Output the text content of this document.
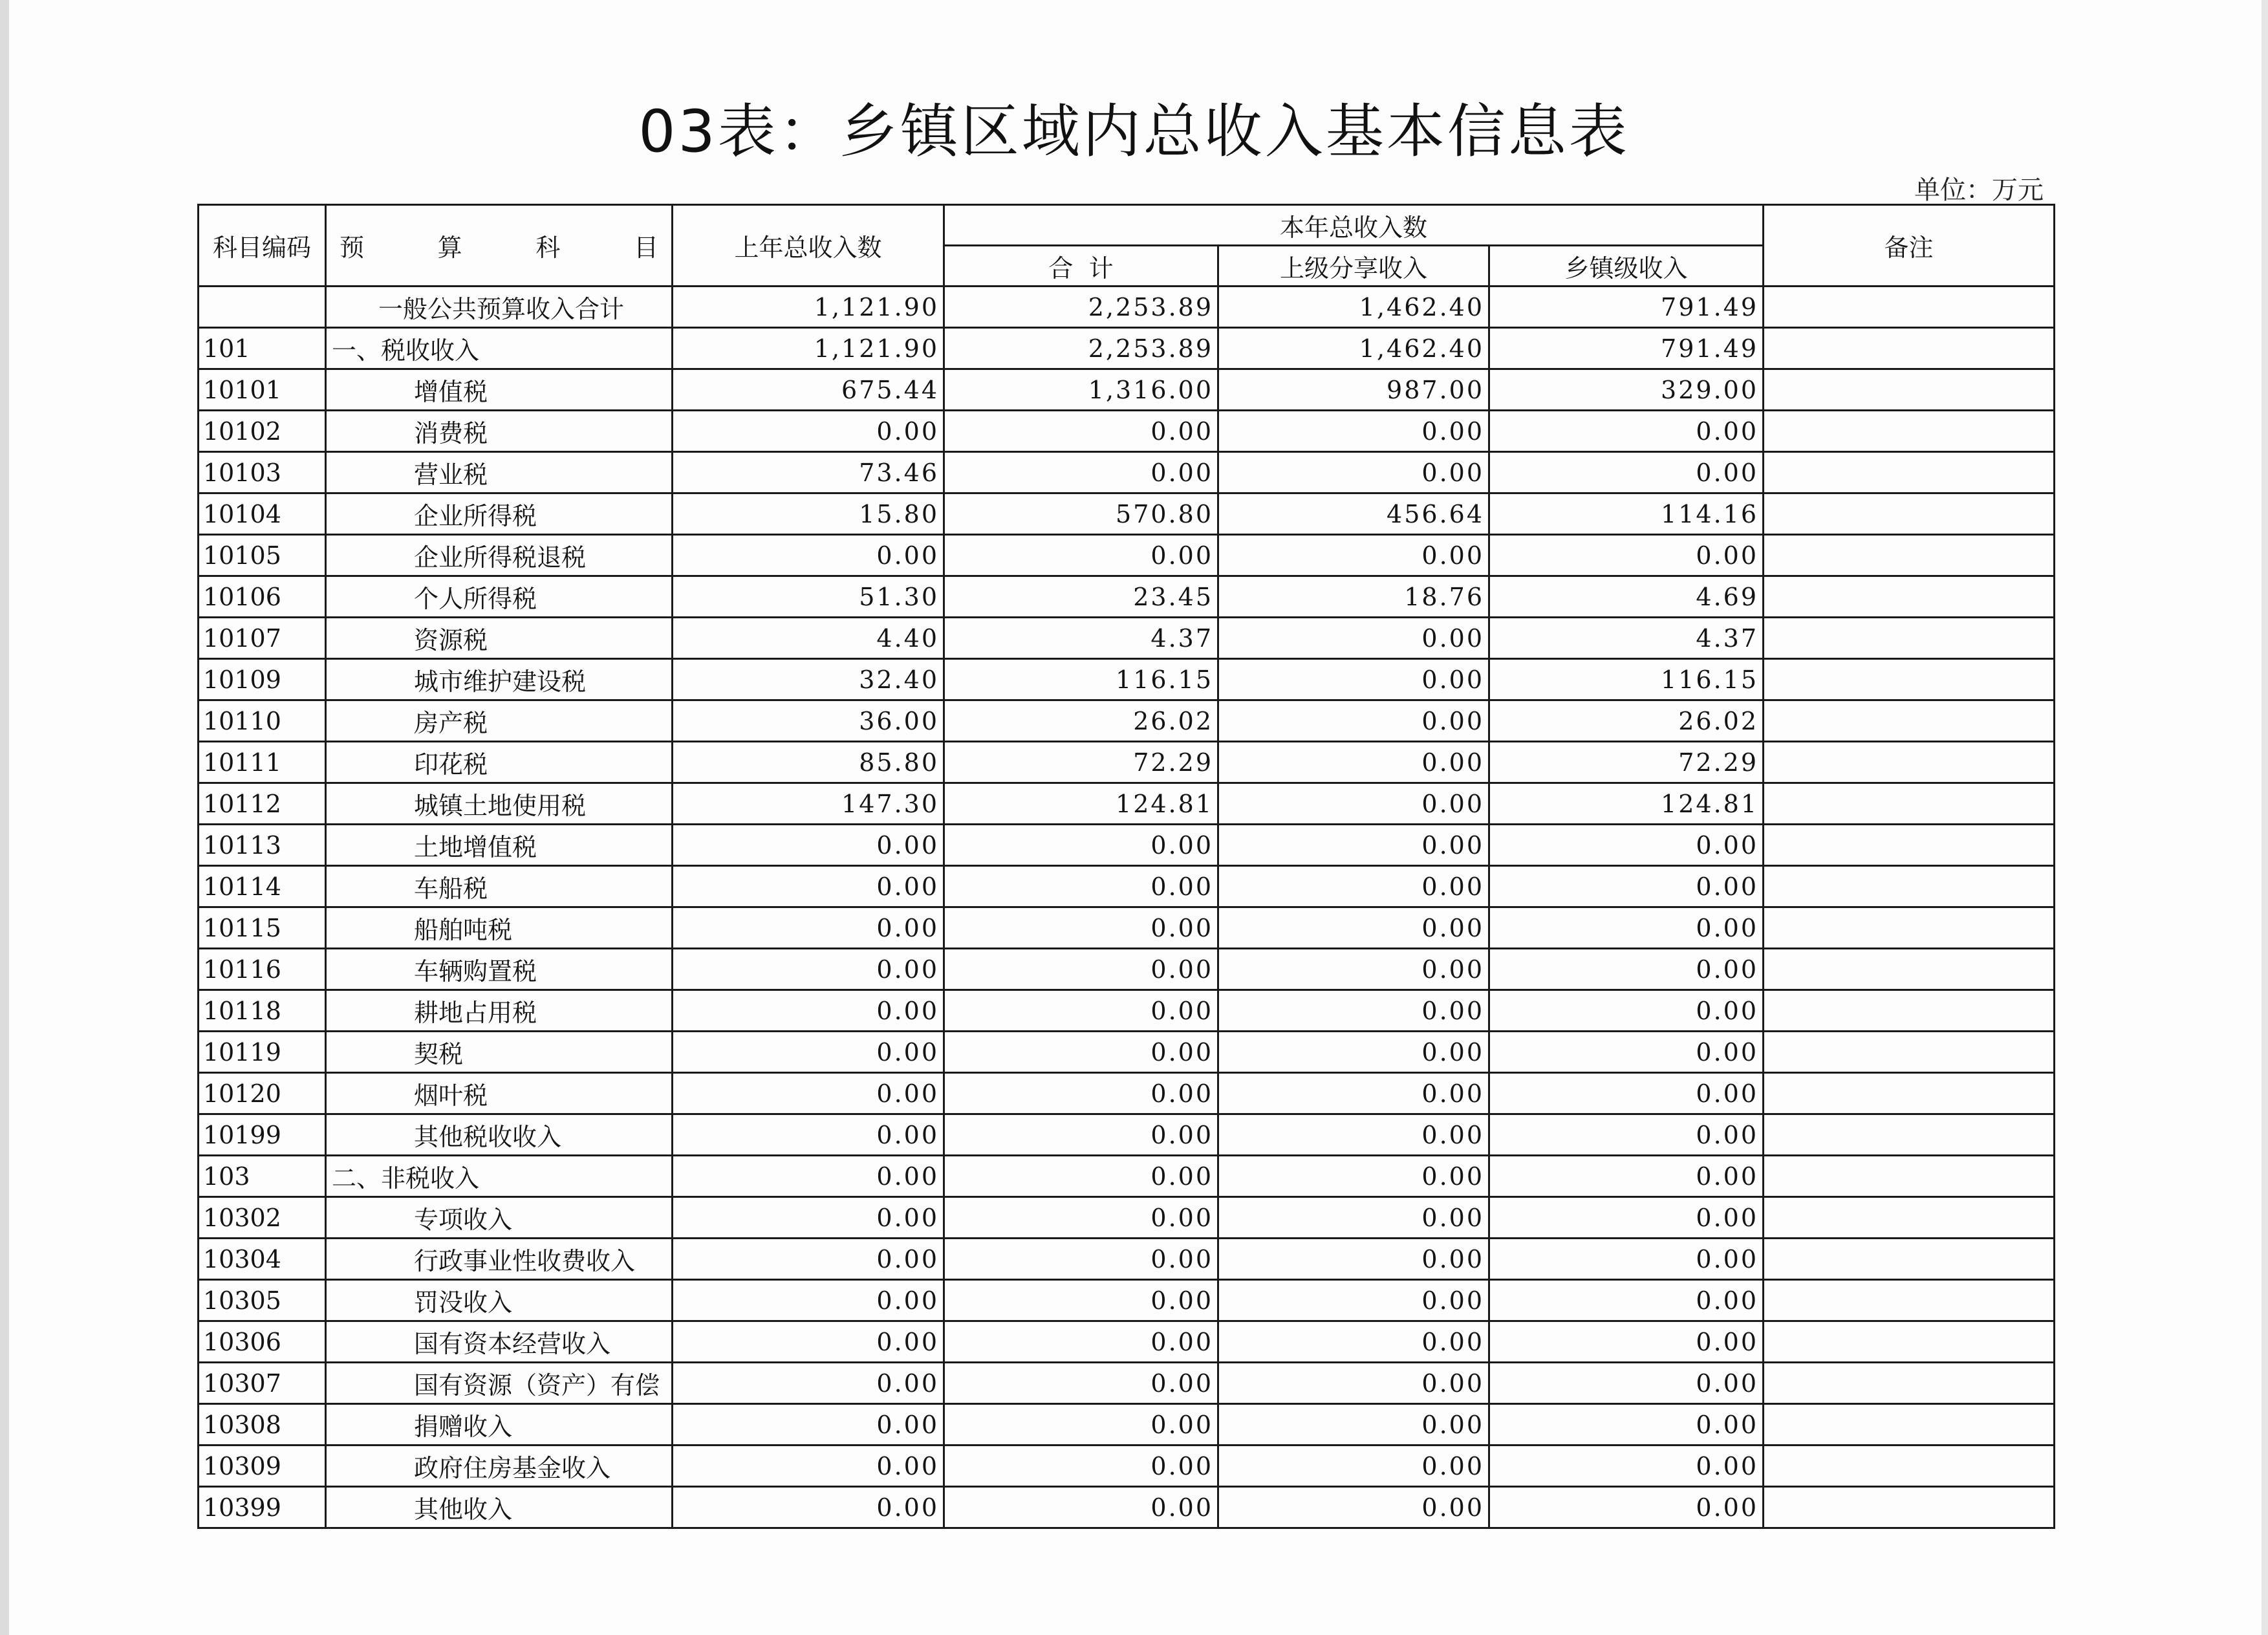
03表：乡镇区域内总收入基本信息表
单位：万元
科目编码	预 算 科 目	上年总收入数	本年总收入数			备注
			合  计	上级分享收入	乡镇级收入	
	一般公共预算收入合计	1,121.90	2,253.89	1,462.40	791.49	
101	一、税收收入	1,121.90	2,253.89	1,462.40	791.49	
10101	增值税	675.44	1,316.00	987.00	329.00	
10102	消费税	0.00	0.00	0.00	0.00	
10103	营业税	73.46	0.00	0.00	0.00	
10104	企业所得税	15.80	570.80	456.64	114.16	
10105	企业所得税退税	0.00	0.00	0.00	0.00	
10106	个人所得税	51.30	23.45	18.76	4.69	
10107	资源税	4.40	4.37	0.00	4.37	
10109	城市维护建设税	32.40	116.15	0.00	116.15	
10110	房产税	36.00	26.02	0.00	26.02	
10111	印花税	85.80	72.29	0.00	72.29	
10112	城镇土地使用税	147.30	124.81	0.00	124.81	
10113	土地增值税	0.00	0.00	0.00	0.00	
10114	车船税	0.00	0.00	0.00	0.00	
10115	船舶吨税	0.00	0.00	0.00	0.00	
10116	车辆购置税	0.00	0.00	0.00	0.00	
10118	耕地占用税	0.00	0.00	0.00	0.00	
10119	契税	0.00	0.00	0.00	0.00	
10120	烟叶税	0.00	0.00	0.00	0.00	
10199	其他税收收入	0.00	0.00	0.00	0.00	
103	二、非税收入	0.00	0.00	0.00	0.00	
10302	专项收入	0.00	0.00	0.00	0.00	
10304	行政事业性收费收入	0.00	0.00	0.00	0.00	
10305	罚没收入	0.00	0.00	0.00	0.00	
10306	国有资本经营收入	0.00	0.00	0.00	0.00	
10307	国有资源（资产）有偿	0.00	0.00	0.00	0.00	
10308	捐赠收入	0.00	0.00	0.00	0.00	
10309	政府住房基金收入	0.00	0.00	0.00	0.00	
10399	其他收入	0.00	0.00	0.00	0.00	
